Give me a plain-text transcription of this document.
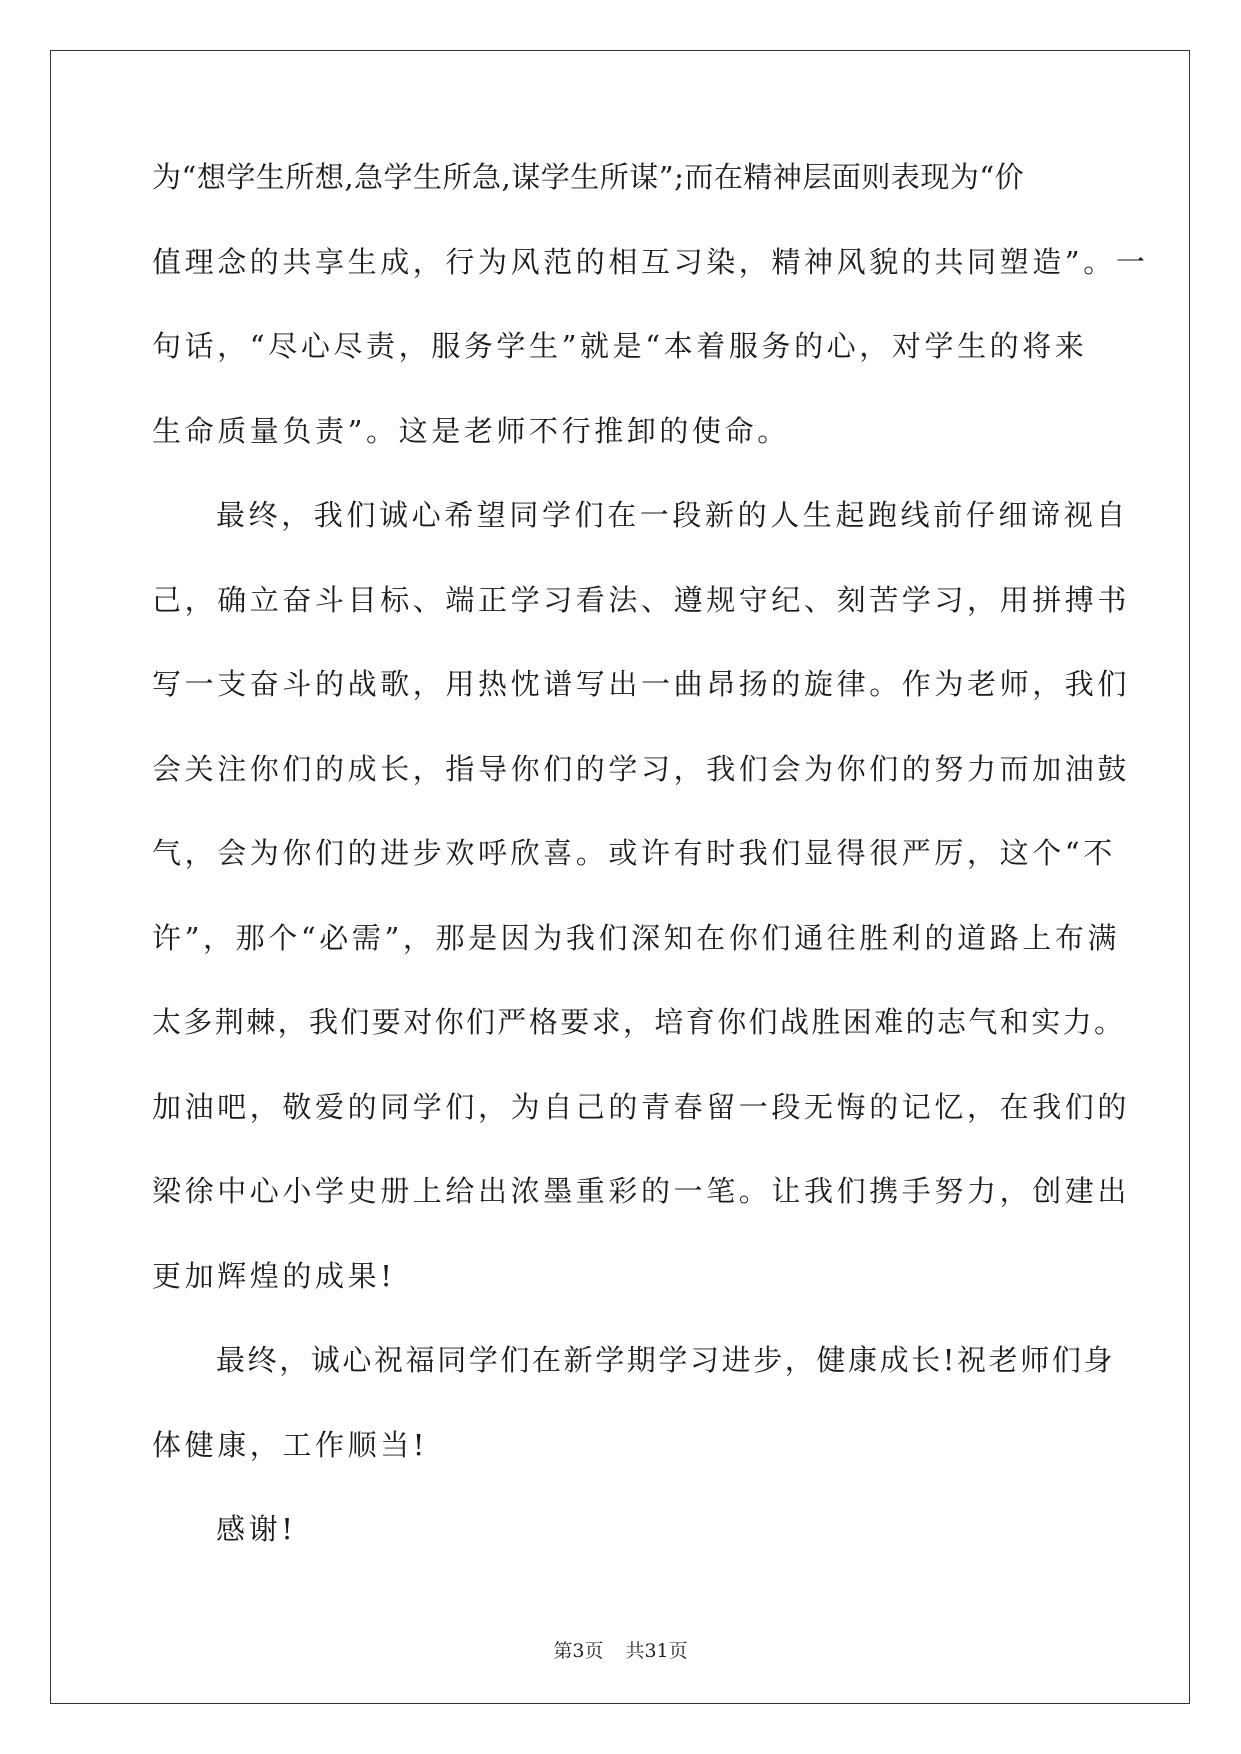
为“想学生所想,急学生所急,谋学生所谋”;而在精神层面则表现为“价
值理念的共享生成，行为风范的相互习染，精神风貌的共同塑造”。一
句话，“尽心尽责，服务学生”就是“本着服务的心，对学生的将来
生命质量负责”。这是老师不行推卸的使命。
最终，我们诚心希望同学们在一段新的人生起跑线前仔细谛视自
己，确立奋斗目标、端正学习看法、遵规守纪、刻苦学习，用拼搏书
写一支奋斗的战歌，用热忱谱写出一曲昂扬的旋律。作为老师，我们
会关注你们的成长，指导你们的学习，我们会为你们的努力而加油鼓
气，会为你们的进步欢呼欣喜。或许有时我们显得很严厉，这个“不
许”，那个“必需”，那是因为我们深知在你们通往胜利的道路上布满
太多荆棘，我们要对你们严格要求，培育你们战胜困难的志气和实力。
加油吧，敬爱的同学们，为自己的青春留一段无悔的记忆，在我们的
梁徐中心小学史册上给出浓墨重彩的一笔。让我们携手努力，创建出
更加辉煌的成果!
最终，诚心祝福同学们在新学期学习进步，健康成长!祝老师们身
体健康，工作顺当!
感谢!
第3页 共31页
